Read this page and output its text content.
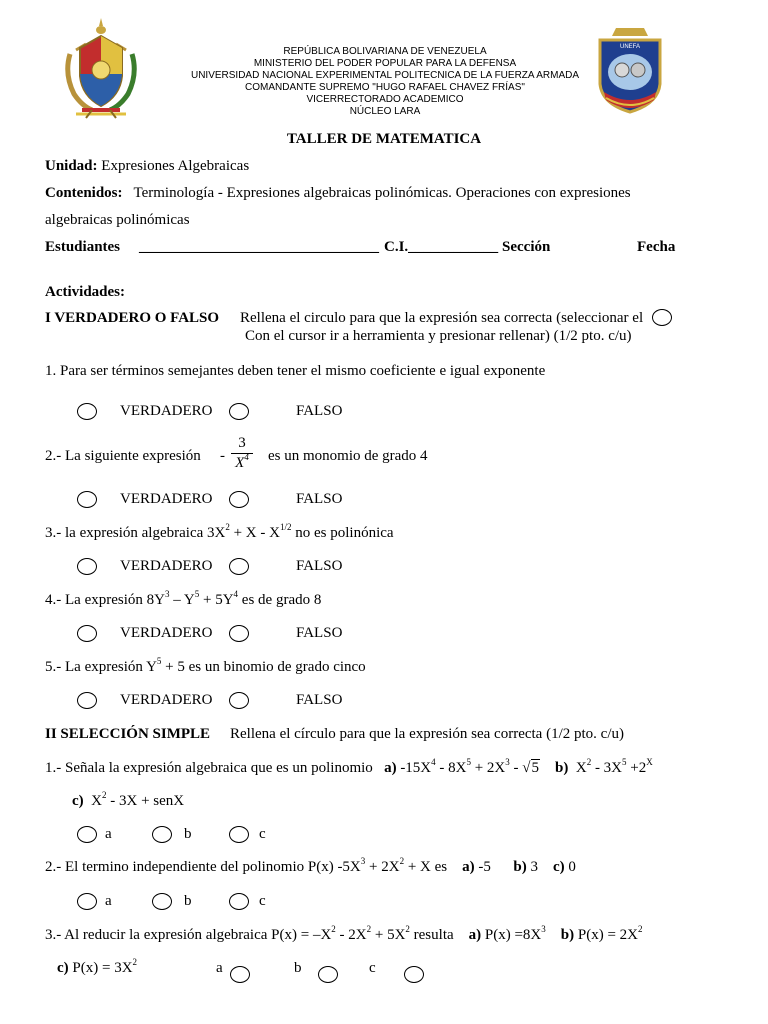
UNEFA
REPÚBLICA BOLIVARIANA DE VENEZUELA
MINISTERIO DEL PODER POPULAR PARA LA DEFENSA
UNIVERSIDAD NACIONAL EXPERIMENTAL POLITECNICA DE LA FUERZA ARMADA
COMANDANTE SUPREMO "HUGO RAFAEL CHAVEZ FRÍAS"
VICERRECTORADO ACADEMICO
NÚCLEO LARA
TALLER DE MATEMATICA
Unidad: Expresiones Algebraicas
Contenidos: Terminología - Expresiones algebraicas polinómicas. Operaciones con expresiones
algebraicas polinómicas
Estudiantes ________________________________ C.I.____________ Sección	Fecha
Actividades:
I VERDADERO O FALSO Rellena el circulo para que la expresión sea correcta (seleccionar el
Con el cursor ir a herramienta y presionar rellenar) (1/2 pto. c/u)
1. Para ser términos semejantes deben tener el mismo coeficiente e igual exponente
VERDADERO	FALSO
2.- La siguiente expresión - $\frac{3}{X^4}$ es un monomio de grado 4
VERDADERO	FALSO
3.- la expresión algebraica $3X^2 + X - X^{1/2}$ no es polinónica
VERDADERO	FALSO
4.- La expresión $8Y^3 - Y^5 + 5Y^4$ es de grado 8
VERDADERO	FALSO
5.- La expresión $Y^5 + 5$ es un binomio de grado cinco
VERDADERO	FALSO
II SELECCIÓN SIMPLE Rellena el círculo para que la expresión sea correcta (1/2 pto. c/u)
1.- Señala la expresión algebraica que es un polinomio a) $-15X^4 - 8X^5 + 2X^3 - √5$ b) $X^2 - 3X^5 +2^X$
c) $X^2 - 3X$ + senX
a	b	c
2.- El termino independiente del polinomio P(x) $-5X^3 + 2X^2 + X$ es a) -5 b) 3 c) 0
a	b	c
3.- Al reducir la expresión algebraica $P(x) = -X^2 - 2X^2 + 5X^2$ resulta a) $P(x) =8X^3$ b) $P(x) = 2X^2$
c) $P(x) = 3X^2$	a	b	c
